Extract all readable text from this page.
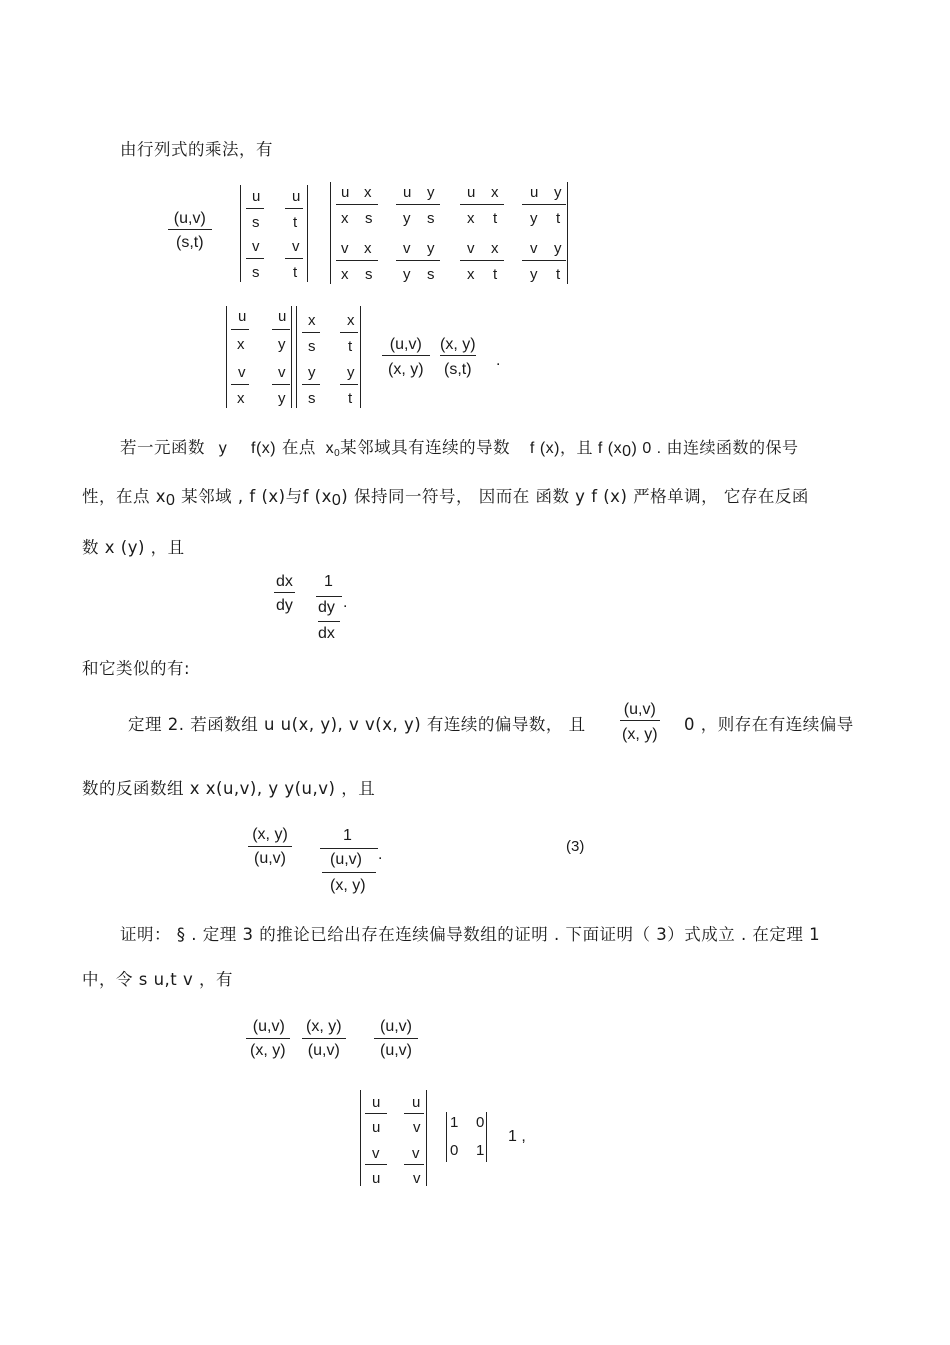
由行列式的乘法，有
$\frac{(u,v)}{(s,t)}$
u
s
u
t
v
s
v
t
u x
x s
u y
y s
u x
x t
u y
y t
v x
x s
v y
y s
v x
x t
v y
y t
u
x
u
y
v
x
v
y
x
s
x
t
y
s
y
t
$\frac{(u,v)}{(x, y)} \frac{(x, y)}{(s,t)}$ .
若一元函数 y f(x) 在点 $x_0$某邻域具有连续的导数 f (x)，且 f $(x_0)$ 0 . 由连续函数的保号
性，在点 $x_0$ 某邻域 , f (x)与f $(x_0)$ 保持同一符号， 因而在 函数 y f (x) 严格单调， 它存在反函
数 x (y) ，且
$\frac{dx}{dy} 1$
dy
dx
.
和它类似的有:
定理 2. 若函数组 u u(x, y), v v(x, y) 有连续的偏导数， 且 $\frac{(u,v)}{(x, y)} 0$ ，则存在有连续偏导
数的反函数组 x x(u,v), y y(u,v) ，且
$\frac{(x, y)}{(u,v)}$	1
(u,v)
(x, y)
.	(3)
证明： § . 定理 3 的推论已给出存在连续偏导数组的证明 . 下面证明（ 3）式成立 . 在定理 1
中，令 s u,t v ，有
$\frac{(u,v)}{(x, y)} \frac{(x, y)}{(u,v)} \frac{(u,v)}{(u,v)}$
u
u
u
v
v
u
v
v
1 0
0 1
1 ,
